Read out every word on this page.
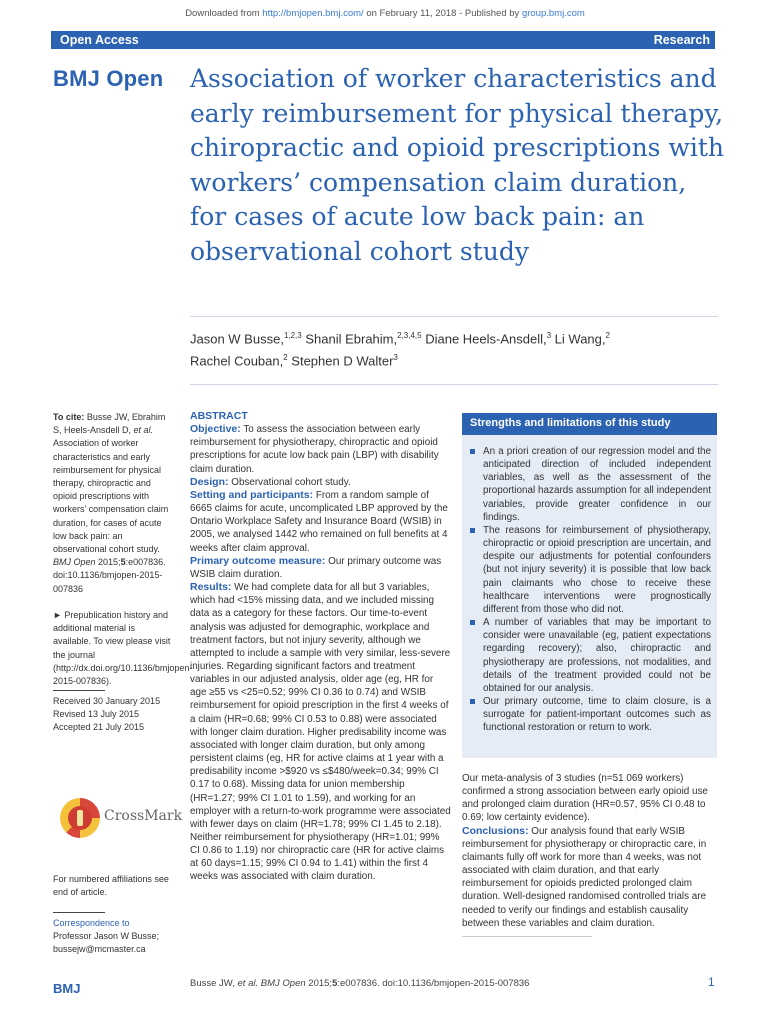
Downloaded from http://bmjopen.bmj.com/ on February 11, 2018 - Published by group.bmj.com
Open Access	Research
BMJ Open Association of worker characteristics and early reimbursement for physical therapy, chiropractic and opioid prescriptions with workers’ compensation claim duration, for cases of acute low back pain: an observational cohort study
Jason W Busse,$^{1,2,3}$ Shanil Ebrahim,$^{2,3,4,5}$ Diane Heels-Ansdell,$^3$ Li Wang,$^2$
Rachel Couban,$^2$ Stephen D Walter$^3$
To cite: Busse JW, Ebrahim S, Heels-Ansdell D, et al. Association of worker characteristics and early reimbursement for physical therapy, chiropractic and opioid prescriptions with workers’ compensation claim duration, for cases of acute low back pain: an observational cohort study. BMJ Open 2015;5:e007836. doi:10.1136/bmjopen-2015-007836
► Prepublication history and additional material is available. To view please visit the journal (http://dx.doi.org/10.1136/bmjopen-2015-007836).
Received 30 January 2015
Revised 13 July 2015
Accepted 21 July 2015
CrossMark
For numbered affiliations see end of article.
Correspondence to
Professor Jason W Busse;
bussejw@mcmaster.ca
ABSTRACT
Objective: To assess the association between early reimbursement for physiotherapy, chiropractic and opioid prescriptions for acute low back pain (LBP) with disability claim duration.
Design: Observational cohort study.
Setting and participants: From a random sample of 6665 claims for acute, uncomplicated LBP approved by the Ontario Workplace Safety and Insurance Board (WSIB) in 2005, we analysed 1442 who remained on full benefits at 4 weeks after claim approval.
Primary outcome measure: Our primary outcome was WSIB claim duration.
Results: We had complete data for all but 3 variables, which had <15% missing data, and we included missing data as a category for these factors. Our time-to-event analysis was adjusted for demographic, workplace and treatment factors, but not injury severity, although we attempted to include a sample with very similar, less-severe injuries. Regarding significant factors and treatment variables in our adjusted analysis, older age (eg, HR for age ≥55 vs <25=0.52; 99% CI 0.36 to 0.74) and WSIB reimbursement for opioid prescription in the first 4 weeks of a claim (HR=0.68; 99% CI 0.53 to 0.88) were associated with longer claim duration. Higher predisability income was associated with longer claim duration, but only among persistent claims (eg, HR for active claims at 1 year with a predisability income >$920 vs ≤$480/week=0.34; 99% CI 0.17 to 0.68). Missing data for union membership (HR=1.27; 99% CI 1.01 to 1.59), and working for an employer with a return-to-work programme were associated with fewer days on claim (HR=1.78; 99% CI 1.45 to 2.18). Neither reimbursement for physiotherapy (HR=1.01; 99% CI 0.86 to 1.19) nor chiropractic care (HR for active claims at 60 days=1.15; 99% CI 0.94 to 1.41) within the first 4 weeks was associated with claim duration.
Strengths and limitations of this study
An a priori creation of our regression model and the anticipated direction of included independent variables, as well as the assessment of the proportional hazards assumption for all independent variables, provide greater confidence in our findings.
The reasons for reimbursement of physiotherapy, chiropractic or opioid prescription are uncertain, and despite our adjustments for potential confounders (but not injury severity) it is possible that low back pain claimants who chose to receive these healthcare interventions were prognostically different from those who did not.
A number of variables that may be important to consider were unavailable (eg, patient expectations regarding recovery); also, chiropractic and physiotherapy are professions, not modalities, and details of the treatment provided could not be obtained for our analysis.
Our primary outcome, time to claim closure, is a surrogate for patient-important outcomes such as functional restoration or return to work.
Our meta-analysis of 3 studies (n=51 069 workers) confirmed a strong association between early opioid use and prolonged claim duration (HR=0.57, 95% CI 0.48 to 0.69; low certainty evidence).
Conclusions: Our analysis found that early WSIB reimbursement for physiotherapy or chiropractic care, in claimants fully off work for more than 4 weeks, was not associated with claim duration, and that early reimbursement for opioids predicted prolonged claim duration. Well-designed randomised controlled trials are needed to verify our findings and establish causality between these variables and claim duration.
BMJ	Busse JW, et al. BMJ Open 2015;5:e007836. doi:10.1136/bmjopen-2015-007836	1
